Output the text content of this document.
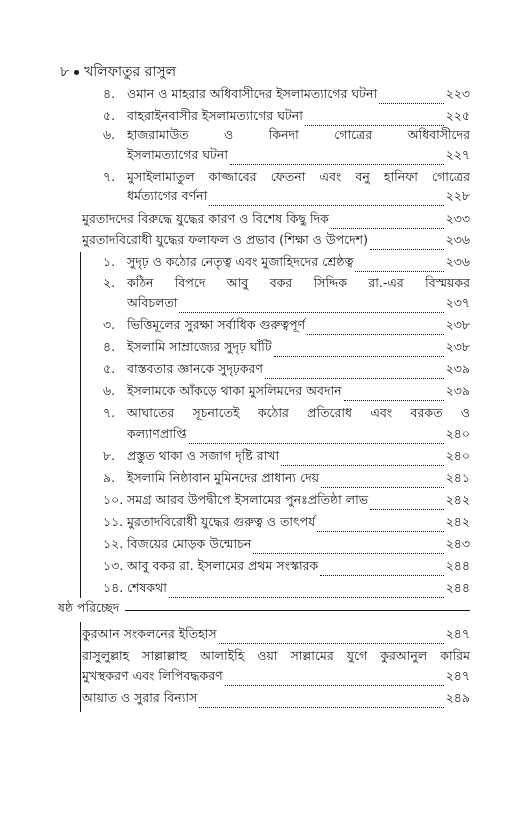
৮ খলিফাতুর রাসুল
৪. ওমান ও মাহরার অধিবাসীদের ইসলামত্যাগের ঘটনা	২২৩
৫. বাহরাইনবাসীর ইসলামত্যাগের ঘটনা	২২৫
৬. হাজরামাউত ও কিনদা গোত্রের অধিবাসীদের
ইসলামত্যাগের ঘটনা	২২৭
৭. মুসাইলামাতুল কাজ্জাবের ফেতনা এবং বনু হানিফা গোত্রের
ধর্মত্যাগের বর্ণনা	২২৮
মুরতাদদের বিরুদ্ধে যুদ্ধের কারণ ও বিশেষ কিছু দিক	২৩৩
মুরতাদবিরোধী যুদ্ধের ফলাফল ও প্রভাব (শিক্ষা ও উপদেশ)	২৩৬
১. সুদৃঢ় ও কঠোর নেতৃত্ব এবং মুজাহিদদের শ্রেষ্ঠত্ব	২৩৬
২. কঠিন বিপদে আবু বকর সিদ্দিক রা.-এর বিস্ময়কর
অবিচলতা	২৩৭
৩. ভিত্তিমূলের সুরক্ষা সর্বাধিক গুরুত্বপূর্ণ	২৩৮
৪. ইসলামি সাম্রাজ্যের সুদৃঢ় ঘাঁটি	২৩৮
৫. বাস্তবতার জ্ঞানকে সুদৃঢ়করণ	২৩৯
৬. ইসলামকে আঁকড়ে থাকা মুসলিমদের অবদান	২৩৯
৭. আঘাতের সূচনাতেই কঠোর প্রতিরোধ এবং বরকত ও
কল্যাণপ্রাপ্তি	২৪০
৮. প্রস্তুত থাকা ও সজাগ দৃষ্টি রাখা	২৪০
৯. ইসলামি নিষ্ঠাবান মুমিনদের প্রাধান্য দেয়	২৪১
১০. সমগ্র আরব উপদ্বীপে ইসলামের পুনঃপ্রতিষ্ঠা লাভ	২৪২
১১. মুরতাদবিরোধী যুদ্ধের গুরুত্ব ও তাৎপর্য	২৪২
১২. বিজয়ের মোড়ক উন্মোচন	২৪৩
১৩. আবু বকর রা. ইসলামের প্রথম সংস্কারক	২৪৪
১৪. শেষকথা	২৪৪
ষষ্ঠ পরিচ্ছেদ
কুরআন সংকলনের ইতিহাস	২৪৭
রাসুলুল্লাহ সাল্লাল্লাহু আলাইহি ওয়া সাল্লামের যুগে কুরআনুল কারিম
মুখস্থকরণ এবং লিপিবদ্ধকরণ	২৪৭
আয়াত ও সুরার বিন্যাস	২৪৯
